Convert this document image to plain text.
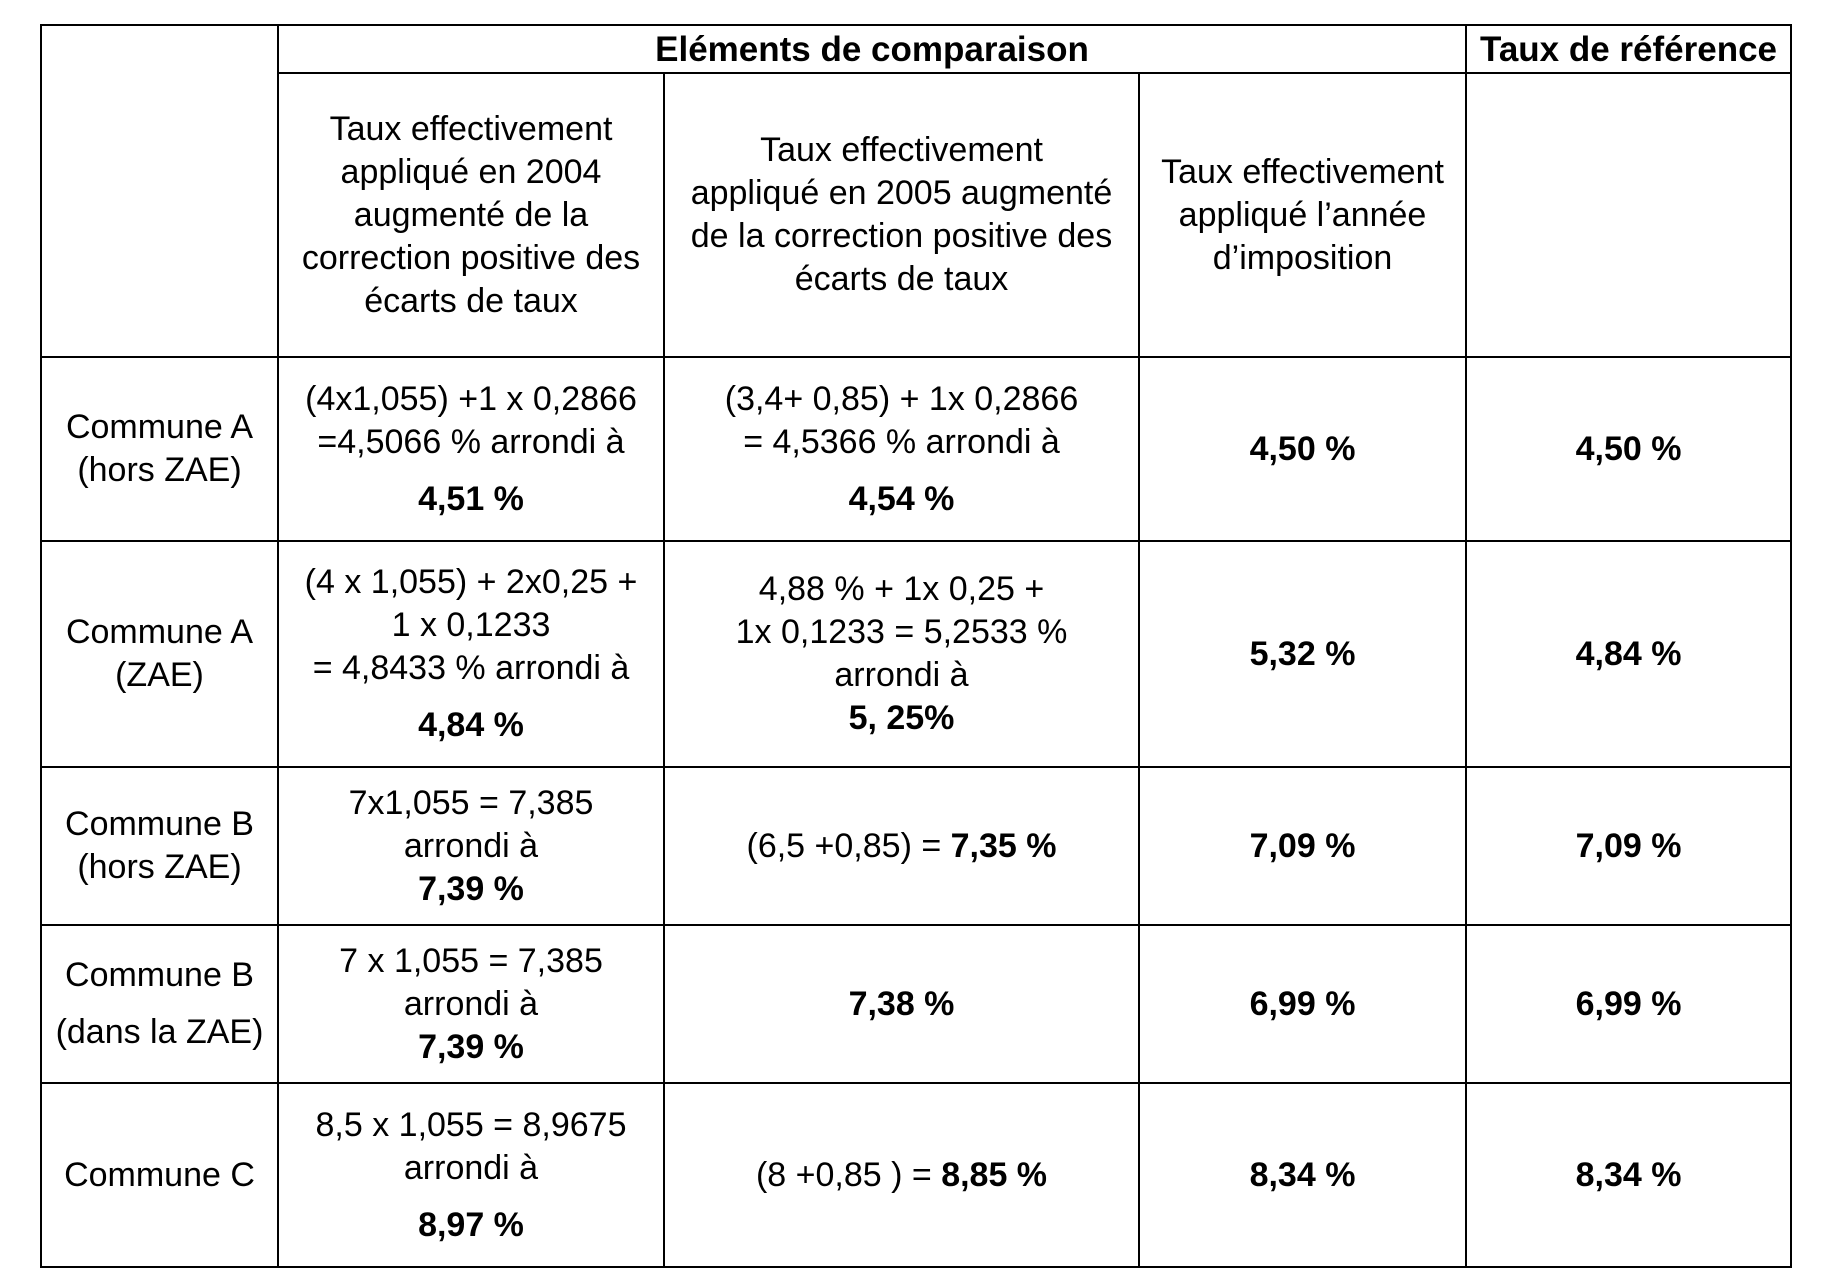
	Eléments de comparaison			Taux de référence

	Taux effectivement
appliqué en 2004
augmenté de la
correction positive des
écarts de taux	Taux effectivement
appliqué en 2005 augmenté
de la correction positive des
écarts de taux	Taux effectivement
appliqué l’année
d’imposition	

Commune A
(hors ZAE)	(4x1,055) +1 x 0,2866
=4,5066 % arrondi à
4,51 %	(3,4+ 0,85) + 1x 0,2866
= 4,5366 % arrondi à
4,54 %	4,50 %	4,50 %

Commune A
(ZAE)	(4 x 1,055) + 2x0,25 +
1 x 0,1233
= 4,8433 % arrondi à
4,84 %	4,88 % + 1x 0,25 +
1x 0,1233 = 5,2533 %
arrondi à
5, 25%	5,32 %	4,84 %

Commune B
(hors ZAE)	7x1,055 = 7,385
arrondi à
7,39 %	(6,5 +0,85) = 7,35 %	7,09 %	7,09 %

Commune B
(dans la ZAE)	7 x 1,055 = 7,385
arrondi à
7,39 %	7,38 %	6,99 %	6,99 %

Commune C	8,5 x 1,055 = 8,9675
arrondi à
8,97 %	(8 +0,85 ) = 8,85 %	8,34 %	8,34 %
